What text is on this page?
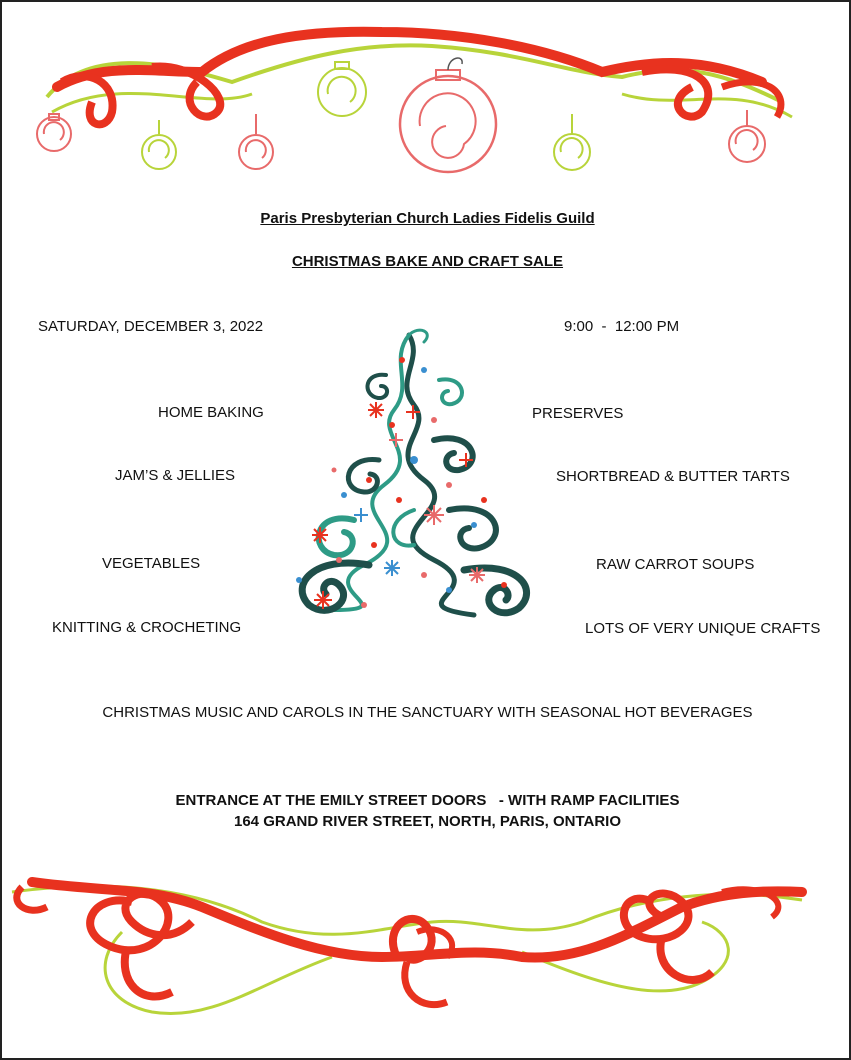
Paris Presbyterian Church Ladies Fidelis Guild
CHRISTMAS BAKE AND CRAFT SALE
SATURDAY, DECEMBER 3, 2022	9:00  -  12:00 PM
HOME BAKING
JAM’S & JELLIES
VEGETABLES
KNITTING & CROCHETING
PRESERVES
SHORTBREAD & BUTTER TARTS
RAW CARROT SOUPS
LOTS OF VERY UNIQUE CRAFTS
CHRISTMAS MUSIC AND CAROLS IN THE SANCTUARY WITH SEASONAL HOT BEVERAGES
ENTRANCE AT THE EMILY STREET DOORS   - WITH RAMP FACILITIES
164 GRAND RIVER STREET, NORTH, PARIS, ONTARIO
